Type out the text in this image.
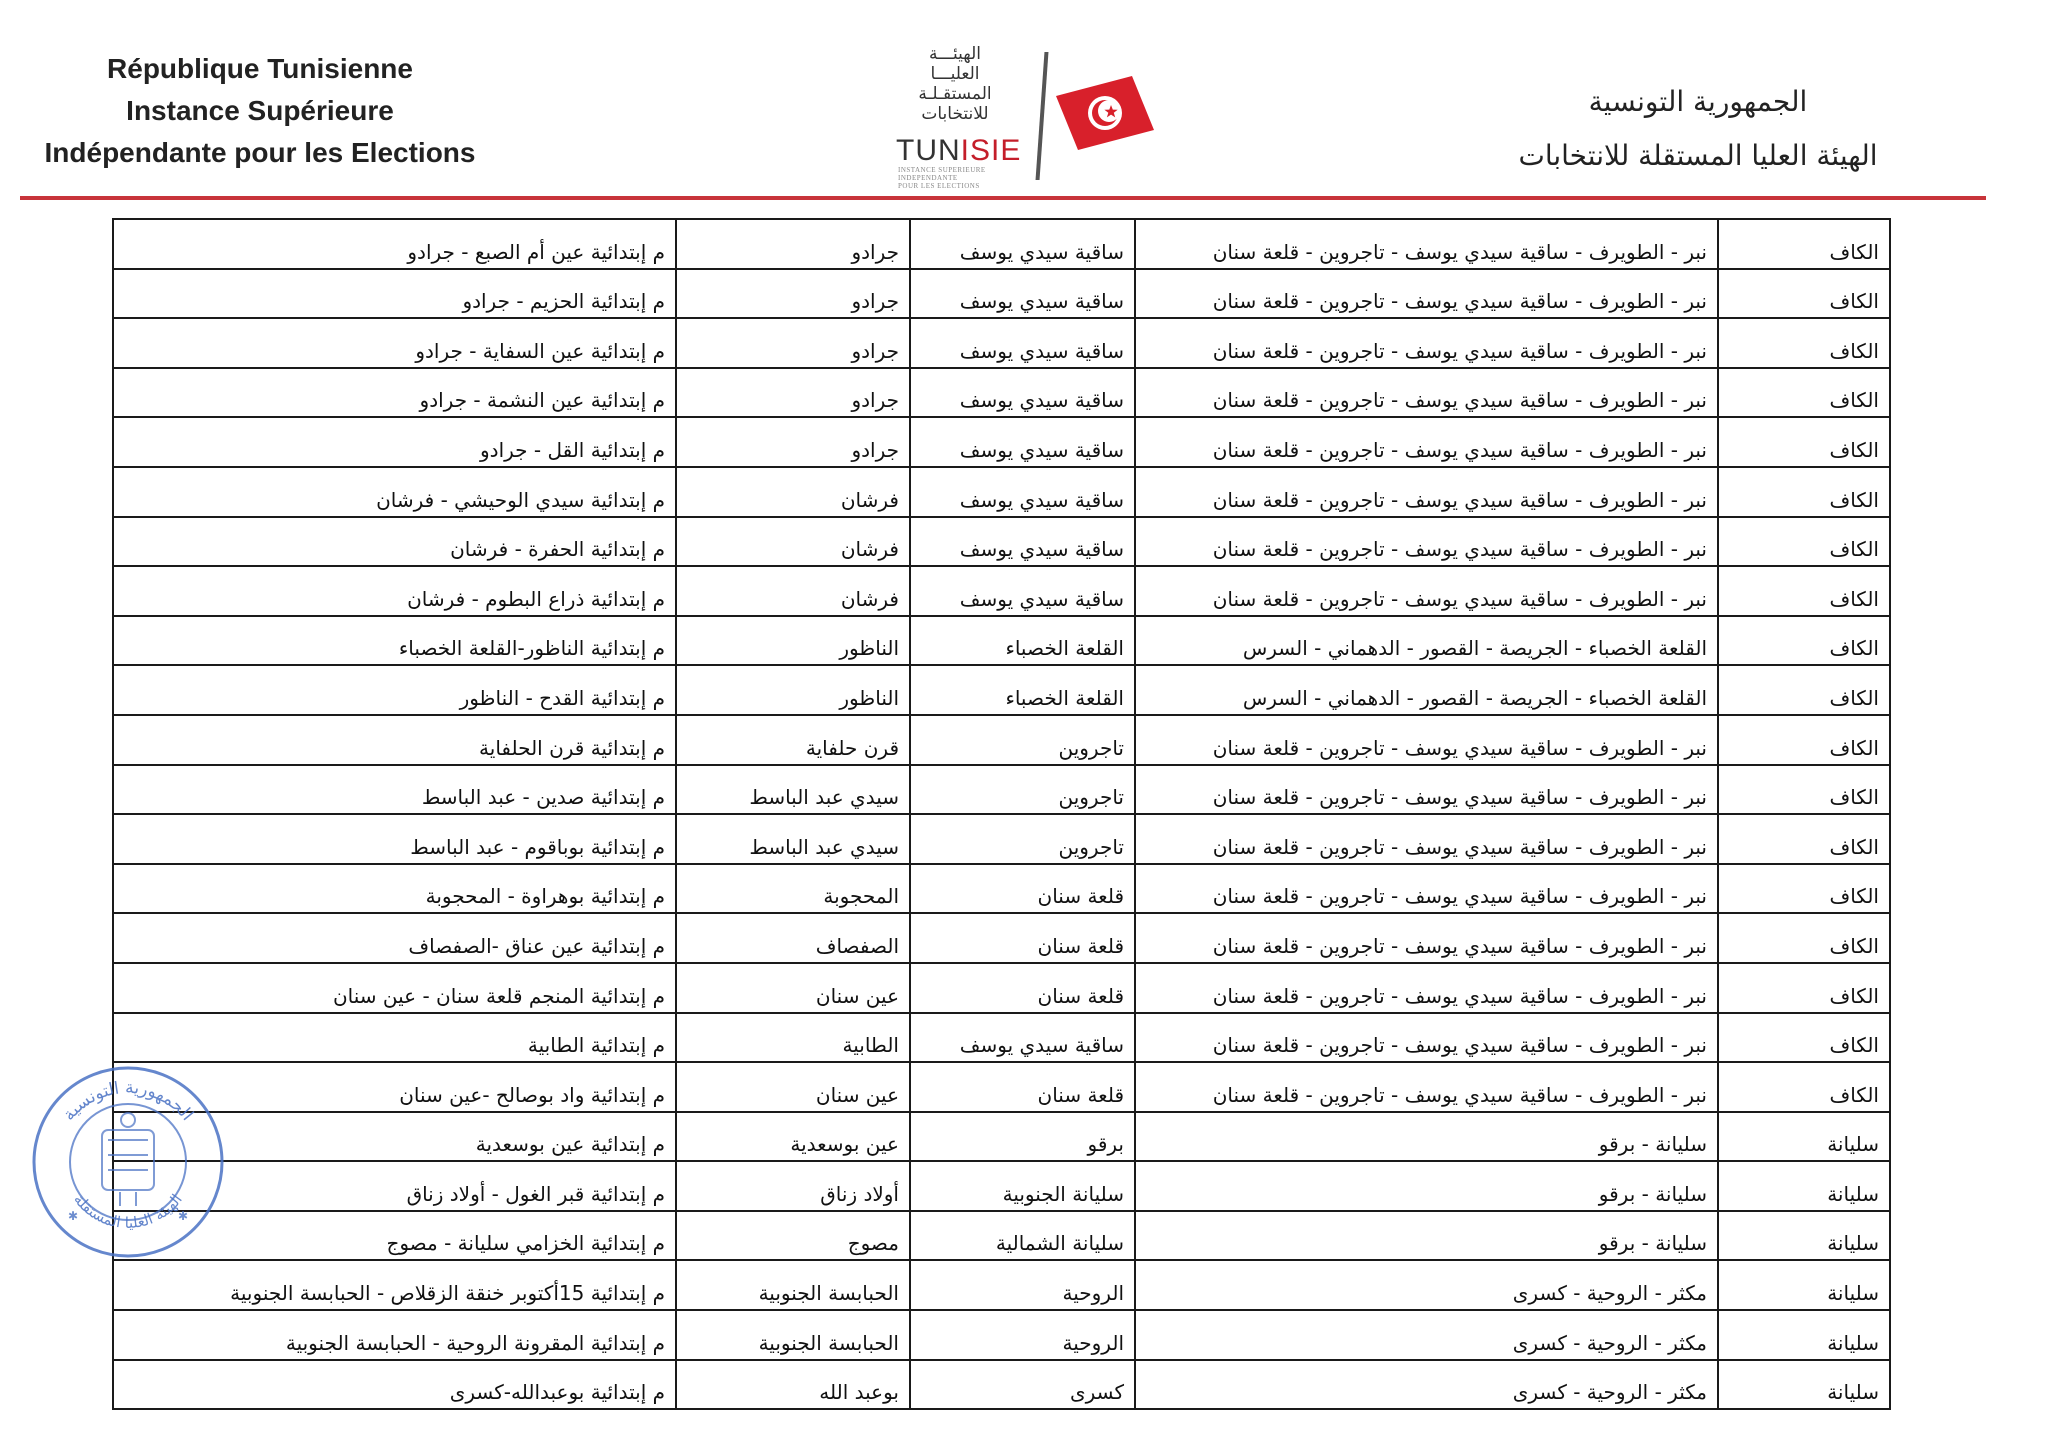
République Tunisienne
Instance Supérieure
Indépendante pour les Elections
الهيئـــة
العليـــا
المستقـلـة
للانتخابات
TUNISIE
INSTANCE SUPERIEURE
INDEPENDANTE
POUR LES ELECTIONS
الجمهورية التونسية
الهيئة العليا المستقلة للانتخابات
الكاف	نبر - الطويرف - ساقية سيدي يوسف - تاجروين - قلعة سنان	ساقية سيدي يوسف	جرادو	م إبتدائية عين أم الصبع - جرادو
الكاف	نبر - الطويرف - ساقية سيدي يوسف - تاجروين - قلعة سنان	ساقية سيدي يوسف	جرادو	م إبتدائية الحزيم - جرادو
الكاف	نبر - الطويرف - ساقية سيدي يوسف - تاجروين - قلعة سنان	ساقية سيدي يوسف	جرادو	م إبتدائية عين السفاية - جرادو
الكاف	نبر - الطويرف - ساقية سيدي يوسف - تاجروين - قلعة سنان	ساقية سيدي يوسف	جرادو	م إبتدائية عين النشمة - جرادو
الكاف	نبر - الطويرف - ساقية سيدي يوسف - تاجروين - قلعة سنان	ساقية سيدي يوسف	جرادو	م إبتدائية القل - جرادو
الكاف	نبر - الطويرف - ساقية سيدي يوسف - تاجروين - قلعة سنان	ساقية سيدي يوسف	فرشان	م إبتدائية سيدي الوحيشي - فرشان
الكاف	نبر - الطويرف - ساقية سيدي يوسف - تاجروين - قلعة سنان	ساقية سيدي يوسف	فرشان	م إبتدائية الحفرة - فرشان
الكاف	نبر - الطويرف - ساقية سيدي يوسف - تاجروين - قلعة سنان	ساقية سيدي يوسف	فرشان	م إبتدائية ذراع البطوم - فرشان
الكاف	القلعة الخصباء - الجريصة - القصور - الدهماني - السرس	القلعة الخصباء	الناظور	م إبتدائية الناظور-القلعة الخصباء
الكاف	القلعة الخصباء - الجريصة - القصور - الدهماني - السرس	القلعة الخصباء	الناظور	م إبتدائية القدح - الناظور
الكاف	نبر - الطويرف - ساقية سيدي يوسف - تاجروين - قلعة سنان	تاجروين	قرن حلفاية	م إبتدائية قرن الحلفاية
الكاف	نبر - الطويرف - ساقية سيدي يوسف - تاجروين - قلعة سنان	تاجروين	سيدي عبد الباسط	م إبتدائية صدين - عبد الباسط
الكاف	نبر - الطويرف - ساقية سيدي يوسف - تاجروين - قلعة سنان	تاجروين	سيدي عبد الباسط	م إبتدائية بوباقوم - عبد الباسط
الكاف	نبر - الطويرف - ساقية سيدي يوسف - تاجروين - قلعة سنان	قلعة سنان	المحجوبة	م إبتدائية بوهراوة - المحجوبة
الكاف	نبر - الطويرف - ساقية سيدي يوسف - تاجروين - قلعة سنان	قلعة سنان	الصفصاف	م إبتدائية عين عناق -الصفصاف
الكاف	نبر - الطويرف - ساقية سيدي يوسف - تاجروين - قلعة سنان	قلعة سنان	عين سنان	م إبتدائية المنجم قلعة سنان - عين سنان
الكاف	نبر - الطويرف - ساقية سيدي يوسف - تاجروين - قلعة سنان	ساقية سيدي يوسف	الطابية	م إبتدائية الطابية
الكاف	نبر - الطويرف - ساقية سيدي يوسف - تاجروين - قلعة سنان	قلعة سنان	عين سنان	م إبتدائية واد بوصالح -عين سنان
سليانة	سليانة - برقو	برقو	عين بوسعدية	م إبتدائية عين بوسعدية
سليانة	سليانة - برقو	سليانة الجنوبية	أولاد زناق	م إبتدائية قبر الغول - أولاد زناق
سليانة	سليانة - برقو	سليانة الشمالية	مصوج	م إبتدائية الخزامي سليانة - مصوج
سليانة	مكثر - الروحية - كسرى	الروحية	الحبابسة الجنوبية	م إبتدائية 15أكتوبر خنقة الزقلاص - الحبابسة الجنوبية
سليانة	مكثر - الروحية - كسرى	الروحية	الحبابسة الجنوبية	م إبتدائية المقرونة الروحية - الحبابسة الجنوبية
سليانة	مكثر - الروحية - كسرى	كسرى	بوعبد الله	م إبتدائية بوعبدالله-كسرى
الجمهورية التونسية
الهيئة العليا المستقلة
✱	✱
